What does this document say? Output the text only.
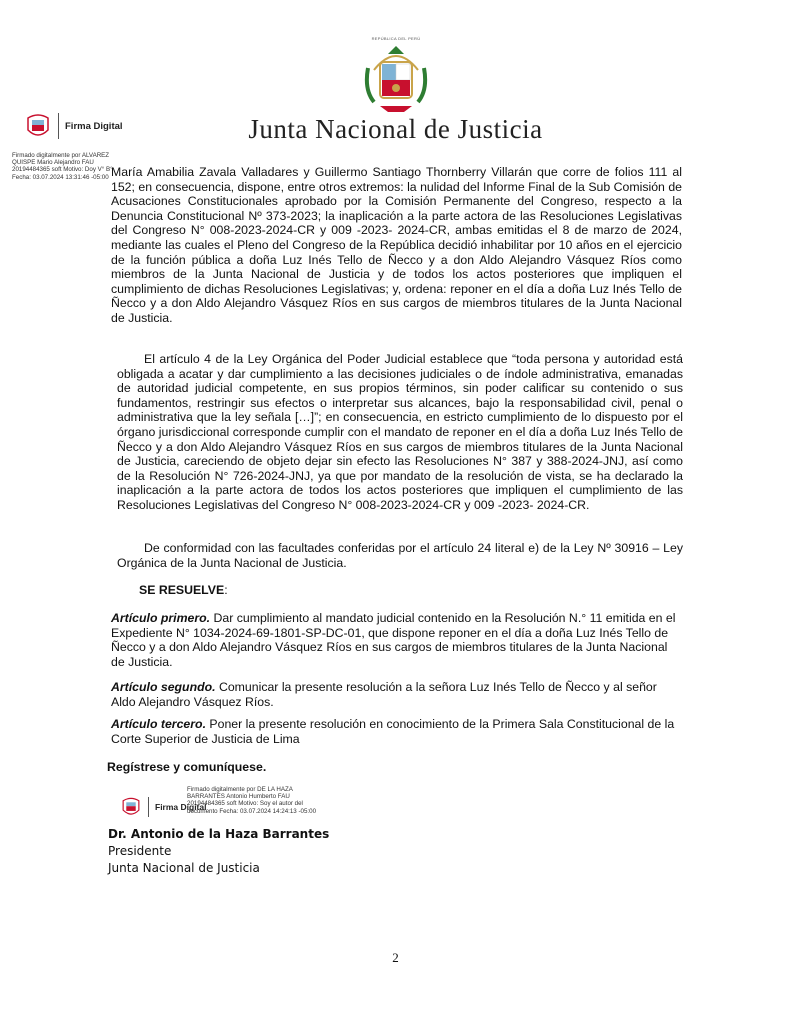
REPÚBLICA DEL PERÚ
Junta Nacional de Justicia
Firma Digital
Firmado digitalmente por ALVAREZ QUISPE Mario Alejandro FAU 20194484365 soft Motivo: Doy V° B° Fecha: 03.07.2024 13:31:46 -05:00 María Amabilia Zavala Valladares y Guillermo Santiago Thornberry Villarán que corre de folios 111 al 152; en consecuencia, dispone, entre otros extremos: la nulidad del Informe Final de la Sub Comisión de Acusaciones Constitucionales aprobado por la Comisión Permanente del Congreso, respecto a la Denuncia Constitucional Nº 373-2023; la inaplicación a la parte actora de las Resoluciones Legislativas del Congreso N° 008-2023-2024-CR y 009 -2023- 2024-CR, ambas emitidas el 8 de marzo de 2024, mediante las cuales el Pleno del Congreso de la República decidió inhabilitar por 10 años en el ejercicio de la función pública a doña Luz Inés Tello de Ñecco y a don Aldo Alejandro Vásquez Ríos como miembros de la Junta Nacional de Justicia y de todos los actos posteriores que impliquen el cumplimiento de dichas Resoluciones Legislativas; y, ordena: reponer en el día a doña Luz Inés Tello de Ñecco y a don Aldo Alejandro Vásquez Ríos en sus cargos de miembros titulares de la Junta Nacional de Justicia.
El artículo 4 de la Ley Orgánica del Poder Judicial establece que “toda persona y autoridad está obligada a acatar y dar cumplimiento a las decisiones judiciales o de índole administrativa, emanadas de autoridad judicial competente, en sus propios términos, sin poder calificar su contenido o sus fundamentos, restringir sus efectos o interpretar sus alcances, bajo la responsabilidad civil, penal o administrativa que la ley señala […]”; en consecuencia, en estricto cumplimiento de lo dispuesto por el órgano jurisdiccional corresponde cumplir con el mandato de reponer en el día a doña Luz Inés Tello de Ñecco y a don Aldo Alejandro Vásquez Ríos en sus cargos de miembros titulares de la Junta Nacional de Justicia, careciendo de objeto dejar sin efecto las Resoluciones N° 387 y 388-2024-JNJ, así como de la Resolución N° 726-2024-JNJ, ya que por mandato de la resolución de vista, se ha declarado la inaplicación a la parte actora de todos los actos posteriores que impliquen el cumplimiento de las Resoluciones Legislativas del Congreso N° 008-2023-2024-CR y 009 -2023- 2024-CR.
De conformidad con las facultades conferidas por el artículo 24 literal e) de la Ley Nº 30916 – Ley Orgánica de la Junta Nacional de Justicia.
SE RESUELVE:
Artículo primero. Dar cumplimiento al mandato judicial contenido en la Resolución N.° 11 emitida en el Expediente N° 1034-2024-69-1801-SP-DC-01, que dispone reponer en el día a doña Luz Inés Tello de Ñecco y a don Aldo Alejandro Vásquez Ríos en sus cargos de miembros titulares de la Junta Nacional de Justicia.
Artículo segundo. Comunicar la presente resolución a la señora Luz Inés Tello de Ñecco y al señor Aldo Alejandro Vásquez Ríos.
Artículo tercero. Poner la presente resolución en conocimiento de la Primera Sala Constitucional de la Corte Superior de Justicia de Lima
Regístrese y comuníquese.
Firma Digital
Firmado digitalmente por DE LA HAZA BARRANTES Antonio Humberto FAU 20194484365 soft Motivo: Soy el autor del documento Fecha: 03.07.2024 14:24:13 -05:00
Dr. Antonio de la Haza Barrantes
Presidente
Junta Nacional de Justicia
2
